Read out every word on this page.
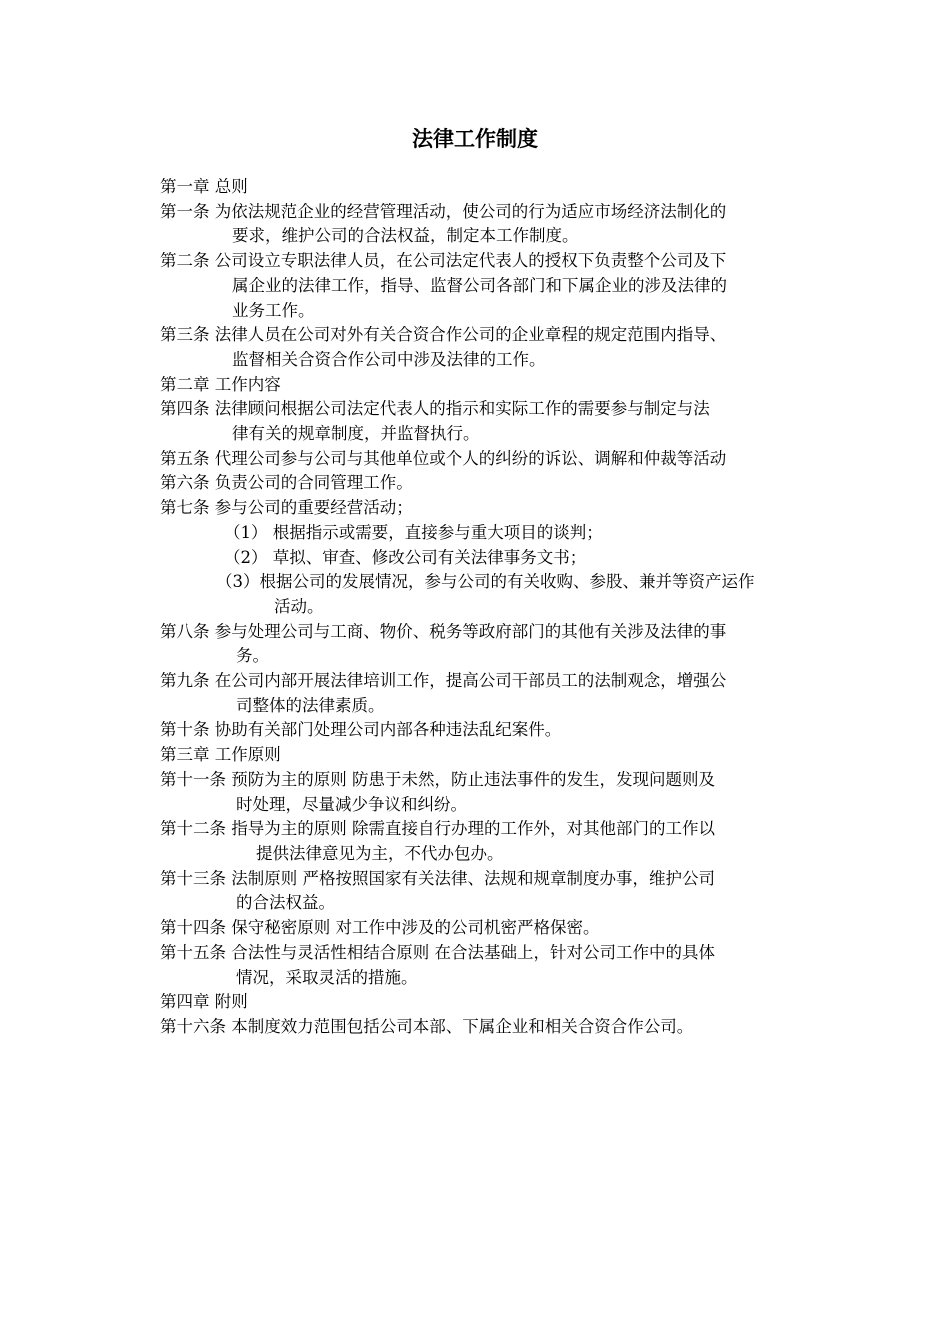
法律工作制度
第一章 总则
第一条 为依法规范企业的经营管理活动，使公司的行为适应市场经济法制化的
要求，维护公司的合法权益，制定本工作制度。
第二条 公司设立专职法律人员，在公司法定代表人的授权下负责整个公司及下
属企业的法律工作，指导、监督公司各部门和下属企业的涉及法律的
业务工作。
第三条 法律人员在公司对外有关合资合作公司的企业章程的规定范围内指导、
监督相关合资合作公司中涉及法律的工作。
第二章 工作内容
第四条 法律顾问根据公司法定代表人的指示和实际工作的需要参与制定与法
律有关的规章制度，并监督执行。
第五条 代理公司参与公司与其他单位或个人的纠纷的诉讼、调解和仲裁等活动
第六条 负责公司的合同管理工作。
第七条 参与公司的重要经营活动；
（1） 根据指示或需要，直接参与重大项目的谈判；
（2） 草拟、审查、修改公司有关法律事务文书；
（3）根据公司的发展情况，参与公司的有关收购、参股、兼并等资产运作
活动。
第八条 参与处理公司与工商、物价、税务等政府部门的其他有关涉及法律的事
务。
第九条 在公司内部开展法律培训工作，提高公司干部员工的法制观念，增强公
司整体的法律素质。
第十条 协助有关部门处理公司内部各种违法乱纪案件。
第三章 工作原则
第十一条 预防为主的原则 防患于未然，防止违法事件的发生，发现问题则及
时处理，尽量减少争议和纠纷。
第十二条 指导为主的原则 除需直接自行办理的工作外，对其他部门的工作以
提供法律意见为主，不代办包办。
第十三条 法制原则 严格按照国家有关法律、法规和规章制度办事，维护公司
的合法权益。
第十四条 保守秘密原则 对工作中涉及的公司机密严格保密。
第十五条 合法性与灵活性相结合原则 在合法基础上，针对公司工作中的具体
情况，采取灵活的措施。
第四章 附则
第十六条 本制度效力范围包括公司本部、下属企业和相关合资合作公司。
